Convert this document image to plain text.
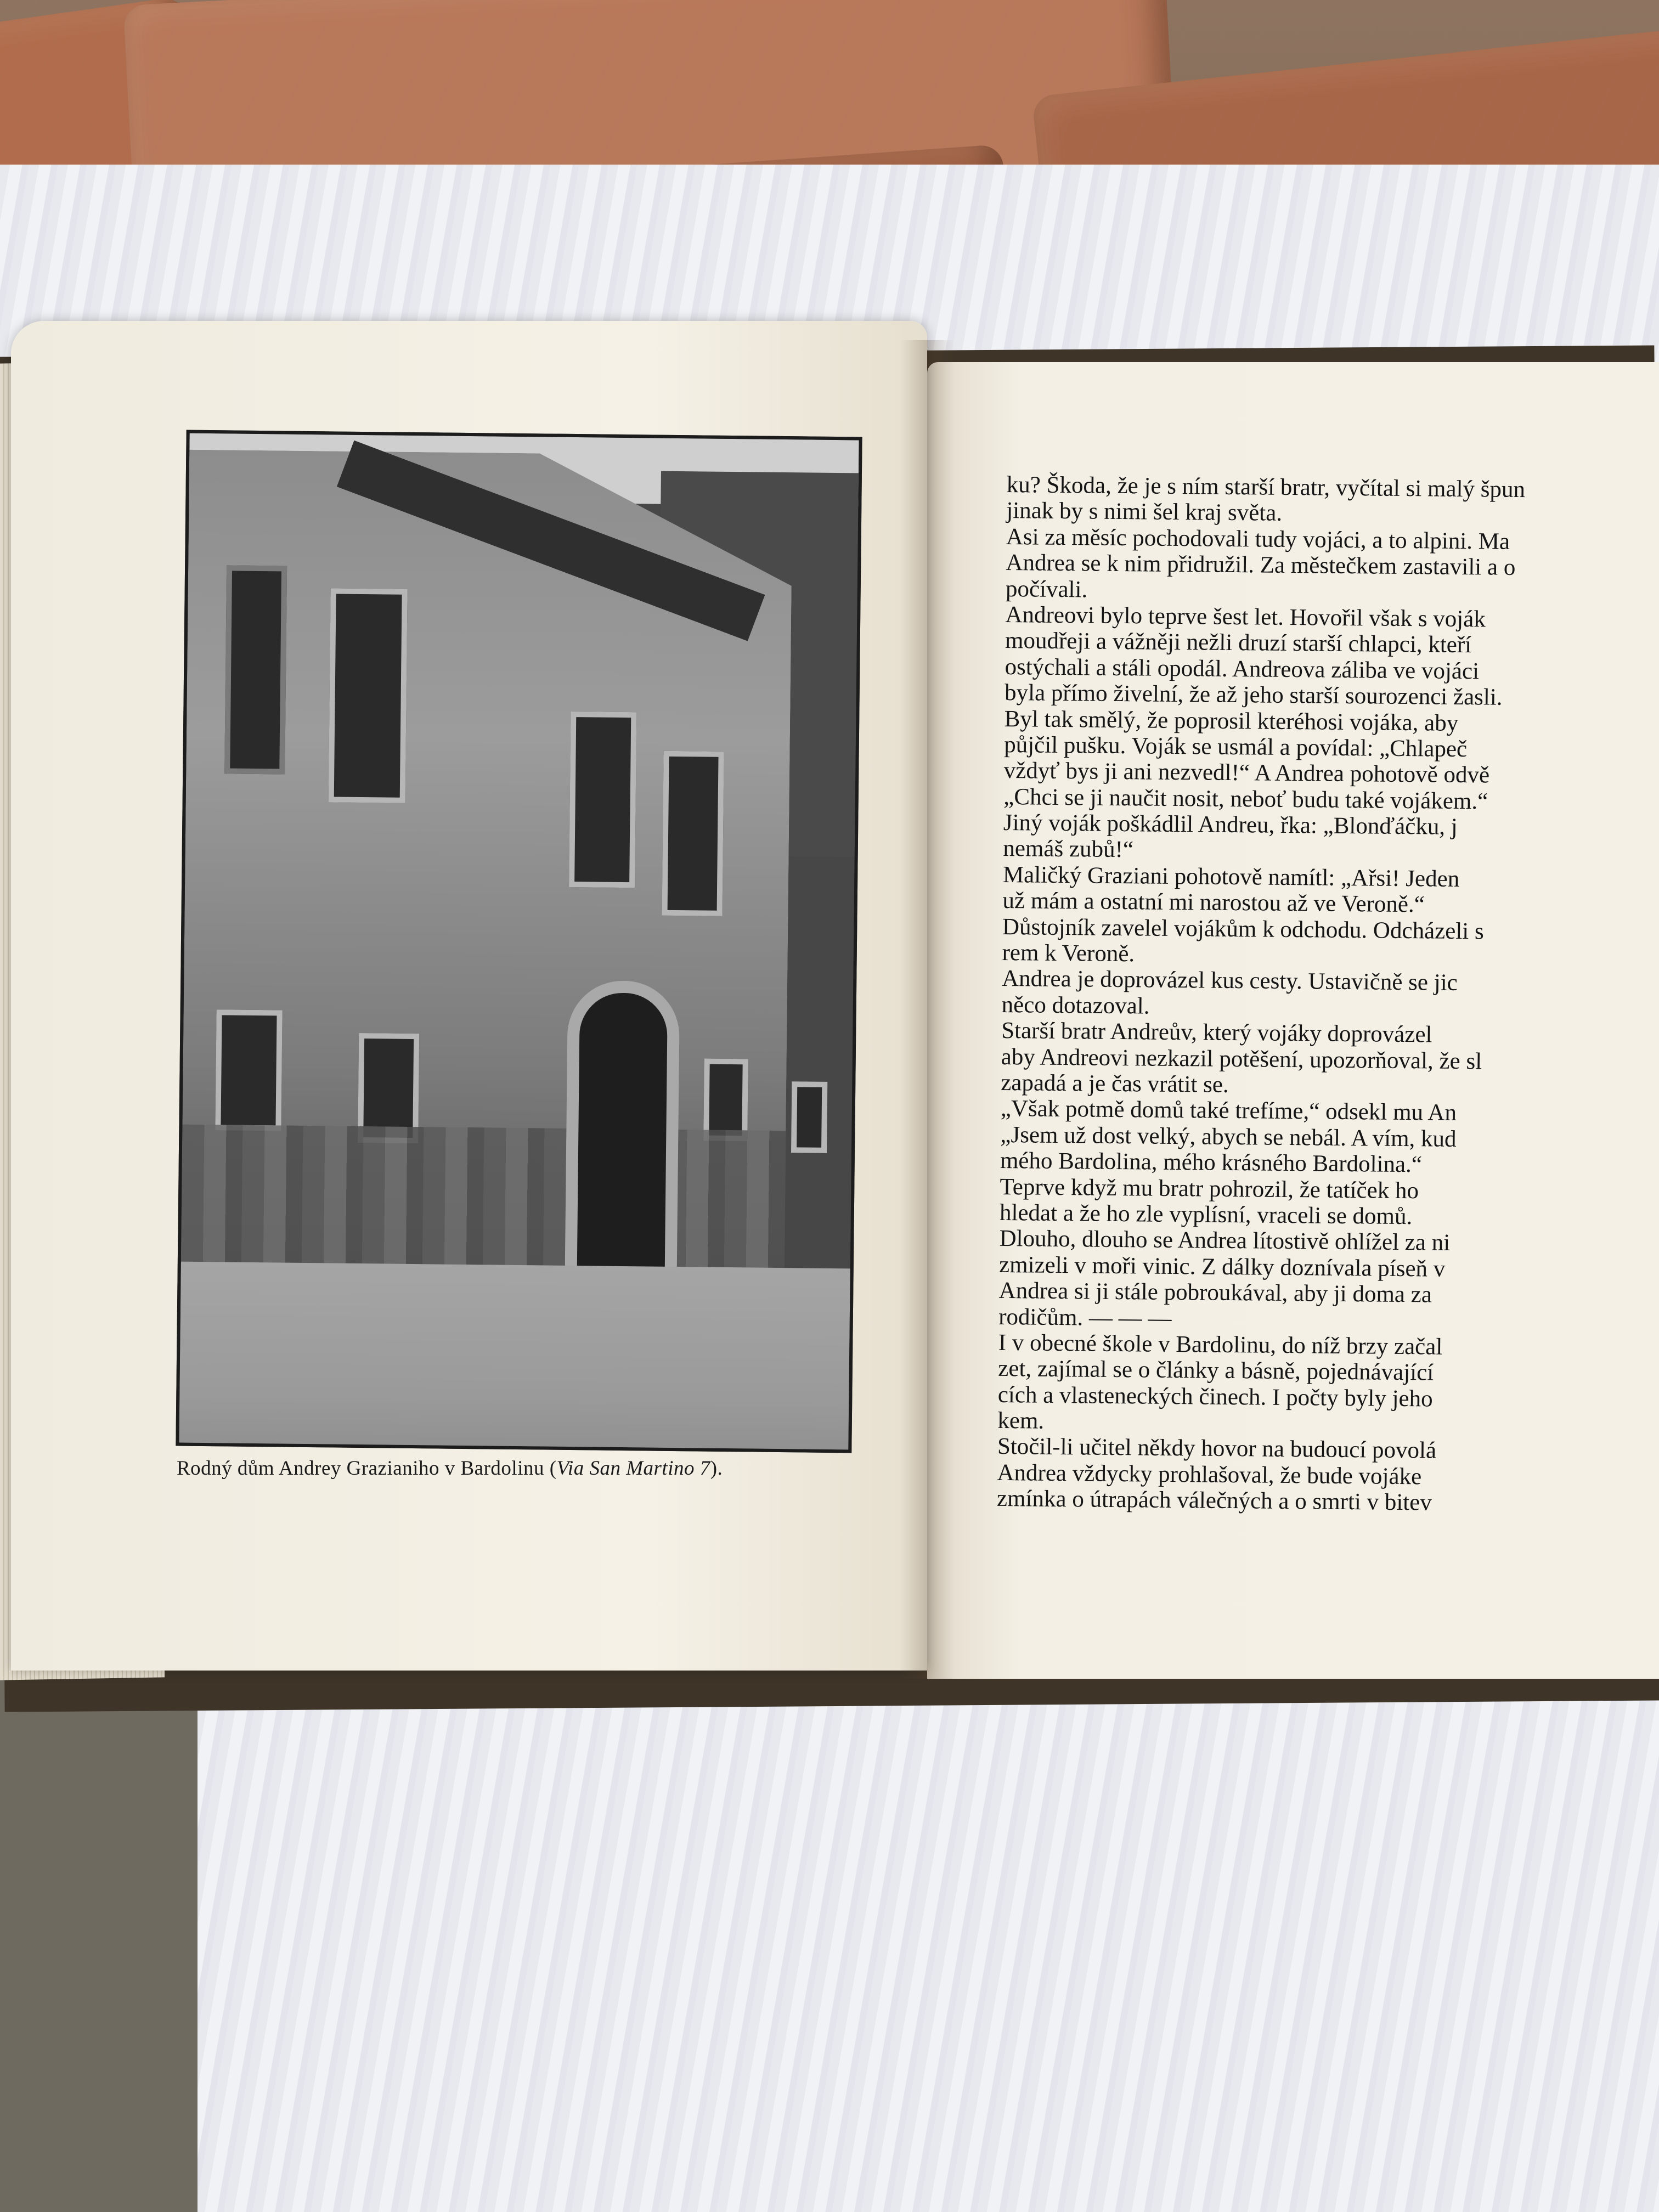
Rodný dům Andrey Grazianiho v Bardolinu (Via San Martino 7).
ku? Škoda, že je s ním starší bratr, vyčítal si malý špun
jinak by s nimi šel kraj světa.
Asi za měsíc pochodovali tudy vojáci, a to alpini. Ma
Andrea se k nim přidružil. Za městečkem zastavili a o
počívali.
Andreovi bylo teprve šest let. Hovořil však s voják
moudřeji a vážněji nežli druzí starší chlapci, kteří
ostýchali a stáli opodál. Andreova záliba ve vojáci
byla přímo živelní, že až jeho starší sourozenci žasli.
Byl tak smělý, že poprosil kteréhosi vojáka, aby
půjčil pušku. Voják se usmál a povídal: „Chlapeč
vždyť bys ji ani nezvedl!“ A Andrea pohotově odvě
„Chci se ji naučit nosit, neboť budu také vojákem.“
Jiný voják poškádlil Andreu, řka: „Blonďáčku, j
nemáš zubů!“
Maličký Graziani pohotově namítl: „Ařsi! Jeden
už mám a ostatní mi narostou až ve Veroně.“
Důstojník zavelel vojákům k odchodu. Odcházeli s
rem k Veroně.
Andrea je doprovázel kus cesty. Ustavičně se jic
něco dotazoval.
Starší bratr Andreův, který vojáky doprovázel
aby Andreovi nezkazil potěšení, upozorňoval, že sl
zapadá a je čas vrátit se.
„Však potmě domů také trefíme,“ odsekl mu An
„Jsem už dost velký, abych se nebál. A vím, kud
mého Bardolina, mého krásného Bardolina.“
Teprve když mu bratr pohrozil, že tatíček ho
hledat a že ho zle vyplísní, vraceli se domů.
Dlouho, dlouho se Andrea lítostivě ohlížel za ni
zmizeli v moři vinic. Z dálky doznívala píseň v
Andrea si ji stále pobroukával, aby ji doma za
rodičům. — — —
I v obecné škole v Bardolinu, do níž brzy začal
zet, zajímal se o články a básně, pojednávající
cích a vlasteneckých činech. I počty byly jeho
kem.
Stočil-li učitel někdy hovor na budoucí povolá
Andrea vždycky prohlašoval, že bude vojáke
zmínka o útrapách válečných a o smrti v bitev
